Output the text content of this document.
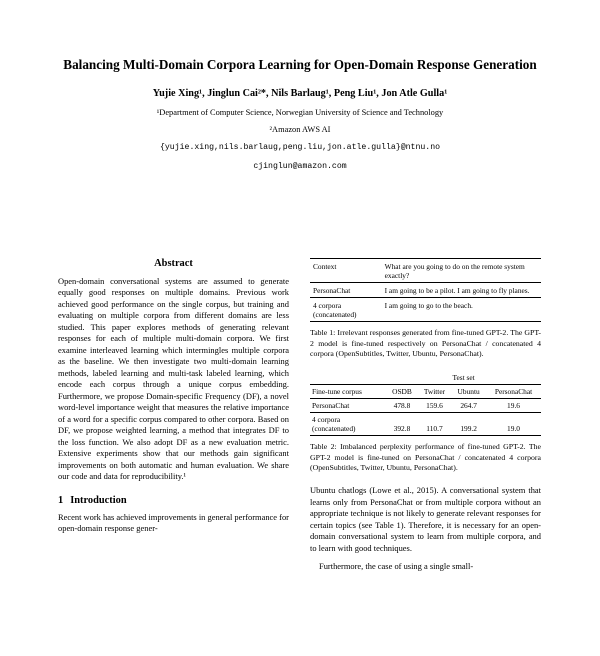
Balancing Multi-Domain Corpora Learning for Open-Domain Response Generation
Yujie Xing¹, Jinglun Cai²*, Nils Barlaug¹, Peng Liu¹, Jon Atle Gulla¹
¹Department of Computer Science, Norwegian University of Science and Technology
²Amazon AWS AI
{yujie.xing,nils.barlaug,peng.liu,jon.atle.gulla}@ntnu.no
cjinglun@amazon.com
Abstract

Open-domain conversational systems are assumed to generate equally good responses on multiple domains. Previous work achieved good performance on the single corpus, but training and evaluating on multiple corpora from different domains are less studied. This paper explores methods of generating relevant responses for each of multiple multi-domain corpora. We first examine interleaved learning which intermingles multiple corpora as the baseline. We then investigate two multi-domain learning methods, labeled learning and multi-task labeled learning, which encode each corpus through a unique corpus embedding. Furthermore, we propose Domain-specific Frequency (DF), a novel word-level importance weight that measures the relative importance of a word for a specific corpus compared to other corpora. Based on DF, we propose weighted learning, a method that integrates DF to the loss function. We also adopt DF as a new evaluation metric. Extensive experiments show that our methods gain significant improvements on both automatic and human evaluation. We share our code and data for reproducibility.¹

1 Introduction

Recent work has achieved improvements in general performance for open-domain response gener-

Context	What are you going to do on the remote system exactly?
PersonaChat	I am going to be a pilot. I am going to fly planes.
4 corpora (concatenated)	I am going to go to the beach.
Table 1: Irrelevant responses generated from fine-tuned GPT-2. The GPT-2 model is fine-tuned respectively on PersonaChat / concatenated 4 corpora (OpenSubtitles, Twitter, Ubuntu, PersonaChat).
	Test set			
Fine-tune corpus	OSDB	Twitter	Ubuntu	PersonaChat
PersonaChat	478.8	159.6	264.7	19.6
4 corpora (concatenated)	392.8	110.7	199.2	19.0
Table 2: Imbalanced perplexity performance of fine-tuned GPT-2. The GPT-2 model is fine-tuned on PersonaChat / concatenated 4 corpora (OpenSubtitles, Twitter, Ubuntu, PersonaChat).

Ubuntu chatlogs (Lowe et al., 2015). A conversational system that learns only from PersonaChat or from multiple corpora without an appropriate technique is not likely to generate relevant responses for certain topics (see Table 1). Therefore, it is necessary for an open-domain conversational system to learn from multiple corpora, and to learn with good techniques.

Furthermore, the case of using a single small-
